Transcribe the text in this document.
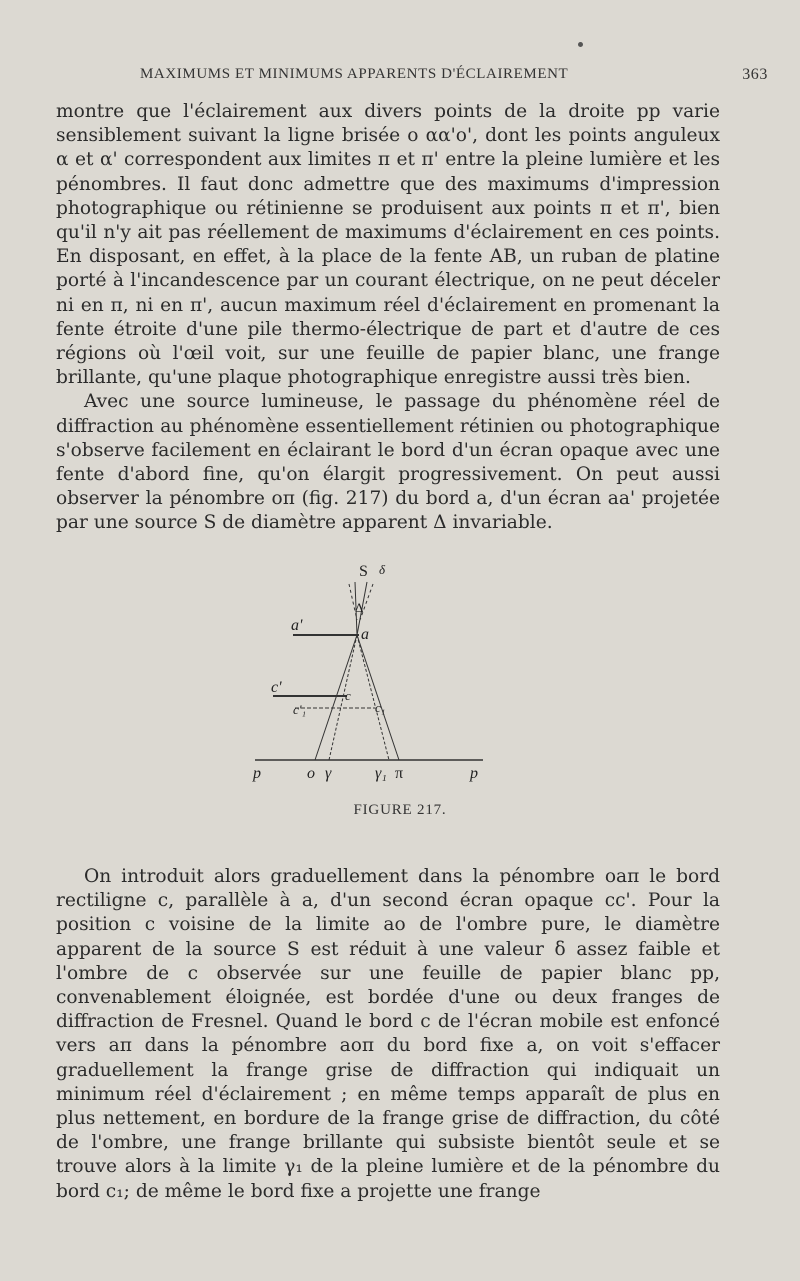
MAXIMUMS ET MINIMUMS APPARENTS D'ÉCLAIREMENT	363

montre que l'éclairement aux divers points de la droite pp varie sensiblement suivant la ligne brisée o αα'o', dont les points anguleux α et α' correspondent aux limites π et π' entre la pleine lumière et les pénombres. Il faut donc admettre que des maximums d'impression photographique ou rétinienne se produisent aux points π et π', bien qu'il n'y ait pas réellement de maximums d'éclairement en ces points. En disposant, en effet, à la place de la fente AB, un ruban de platine porté à l'incandescence par un courant électrique, on ne peut déceler ni en π, ni en π', aucun maximum réel d'éclairement en promenant la fente étroite d'une pile thermo-électrique de part et d'autre de ces régions où l'œil voit, sur une feuille de papier blanc, une frange brillante, qu'une plaque photographique enregistre aussi très bien.

Avec une source lumineuse, le passage du phénomène réel de diffraction au phénomène essentiellement rétinien ou photographique s'observe facilement en éclairant le bord d'un écran opaque avec une fente d'abord fine, qu'on élargit progressivement. On peut aussi observer la pénombre oπ (fig. 217) du bord a, d'un écran aa' projetée par une source S de diamètre apparent Δ invariable.

S δ
Δ
a'
a
c'	c
c'₁	c₁
p	o γ	γ₁ π	p
FIGURE 217.

On introduit alors graduellement dans la pénombre oaπ le bord rectiligne c, parallèle à a, d'un second écran opaque cc'. Pour la position c voisine de la limite ao de l'ombre pure, le diamètre apparent de la source S est réduit à une valeur δ assez faible et l'ombre de c observée sur une feuille de papier blanc pp, convenablement éloignée, est bordée d'une ou deux franges de diffraction de Fresnel. Quand le bord c de l'écran mobile est enfoncé vers aπ dans la pénombre aoπ du bord fixe a, on voit s'effacer graduellement la frange grise de diffraction qui indiquait un minimum réel d'éclairement ; en même temps apparaît de plus en plus nettement, en bordure de la frange grise de diffraction, du côté de l'ombre, une frange brillante qui subsiste bientôt seule et se trouve alors à la limite γ₁ de la pleine lumière et de la pénombre du bord c₁; de même le bord fixe a projette une frange
